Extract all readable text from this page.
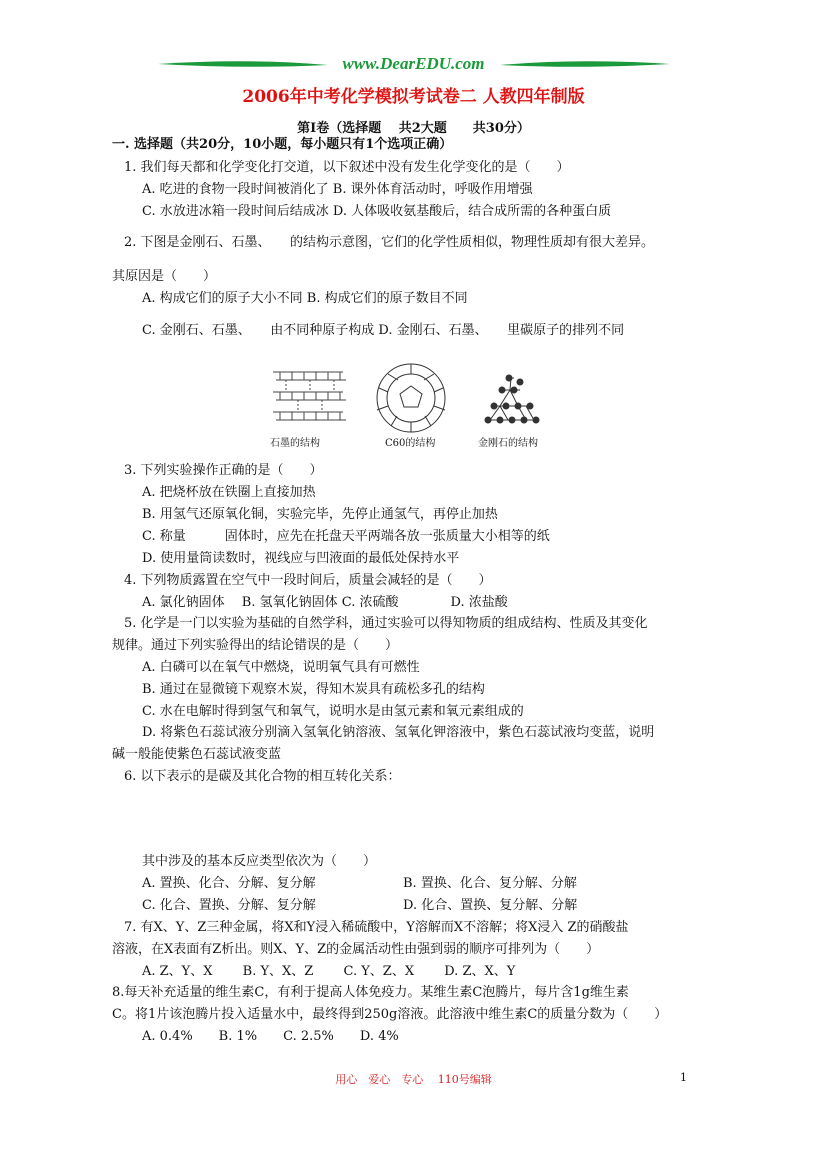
www.DearEDU.com
2006年中考化学模拟考试卷二 人教四年制版
第Ⅰ卷（选择题　 共2大题　　共30分）
一. 选择题（共20分，10小题，每小题只有1个选项正确）
1. 我们每天都和化学变化打交道，以下叙述中没有发生化学变化的是（　　）
A. 吃进的食物一段时间被消化了 B. 课外体育活动时，呼吸作用增强
C. 水放进冰箱一段时间后结成冰 D. 人体吸收氨基酸后，结合成所需的各种蛋白质
2. 下图是金刚石、石墨、　　的结构示意图，它们的化学性质相似，物理性质却有很大差异。
其原因是（　　）
A. 构成它们的原子大小不同 B. 构成它们的原子数目不同
C. 金刚石、石墨、　　由不同种原子构成 D. 金刚石、石墨、　　里碳原子的排列不同
石墨的结构	C60的结构	金刚石的结构
3. 下列实验操作正确的是（　　）
A. 把烧杯放在铁圈上直接加热
B. 用氢气还原氧化铜，实验完毕，先停止通氢气，再停止加热
C. 称量　　　固体时，应先在托盘天平两端各放一张质量大小相等的纸
D. 使用量筒读数时，视线应与凹液面的最低处保持水平
4. 下列物质露置在空气中一段时间后，质量会减轻的是（　　）
A. 氯化钠固体　 B. 氢氧化钠固体 C. 浓硫酸　　　　D. 浓盐酸
5. 化学是一门以实验为基础的自然学科，通过实验可以得知物质的组成结构、性质及其变化
规律。通过下列实验得出的结论错误的是（　　）
A. 白磷可以在氧气中燃烧，说明氧气具有可燃性
B. 通过在显微镜下观察木炭，得知木炭具有疏松多孔的结构
C. 水在电解时得到氢气和氧气，说明水是由氢元素和氧元素组成的
D. 将紫色石蕊试液分别滴入氢氧化钠溶液、氢氧化钾溶液中，紫色石蕊试液均变蓝，说明
碱一般能使紫色石蕊试液变蓝
6. 以下表示的是碳及其化合物的相互转化关系：
其中涉及的基本反应类型依次为（　　）
A. 置换、化合、分解、复分解	B. 置换、化合、复分解、分解
C. 化合、置换、分解、复分解	D. 化合、置换、复分解、分解
7. 有X、Y、Z三种金属，将X和Y浸入稀硫酸中，Y溶解而X不溶解；将X浸入 Z的硝酸盐
溶液，在X表面有Z析出。则X、Y、Z的金属活动性由强到弱的顺序可排列为（　　）
A. Z、Y、X　　 B. Y、X、Z　　 C. Y、Z、X　　 D. Z、X、Y
8.每天补充适量的维生素C，有利于提高人体免疫力。某维生素C泡腾片，每片含1g维生素
C。将1片该泡腾片投入适量水中，最终得到250g溶液。此溶液中维生素C的质量分数为（　　）
A. 0.4%　　B. 1%　　C. 2.5%　　D. 4%
用心　爱心　专心　 110号编辑	1
